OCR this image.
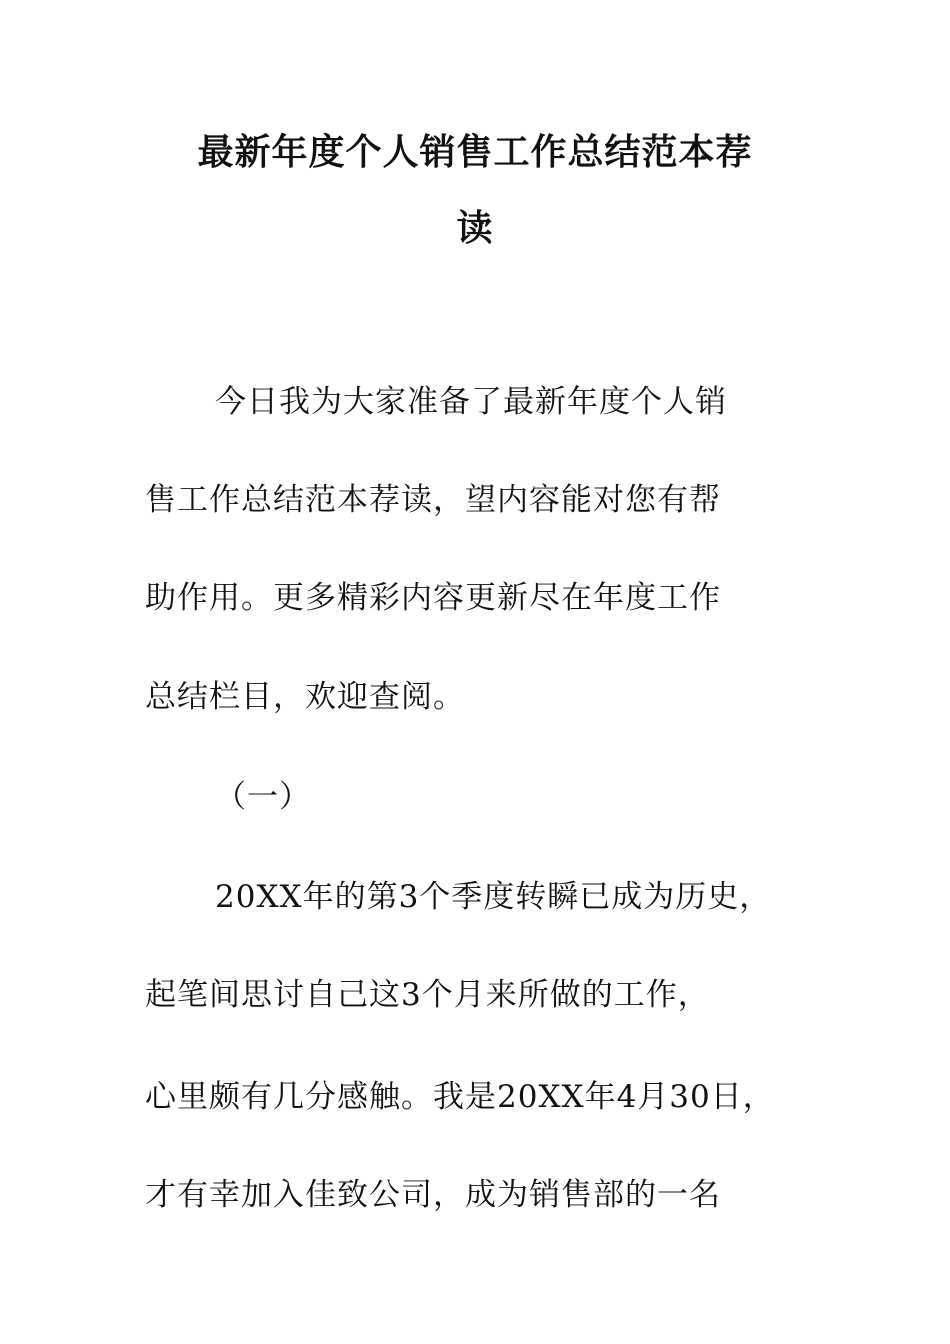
最新年度个人销售工作总结范本荐
读

今日我为大家准备了最新年度个人销

售工作总结范本荐读，望内容能对您有帮

助作用。更多精彩内容更新尽在年度工作

总结栏目，欢迎查阅。

（一）

20XX年的第3个季度转瞬已成为历史，

起笔间思讨自己这3个月来所做的工作，

心里颇有几分感触。我是20XX年4月30日，

才有幸加入佳致公司，成为销售部的一名
